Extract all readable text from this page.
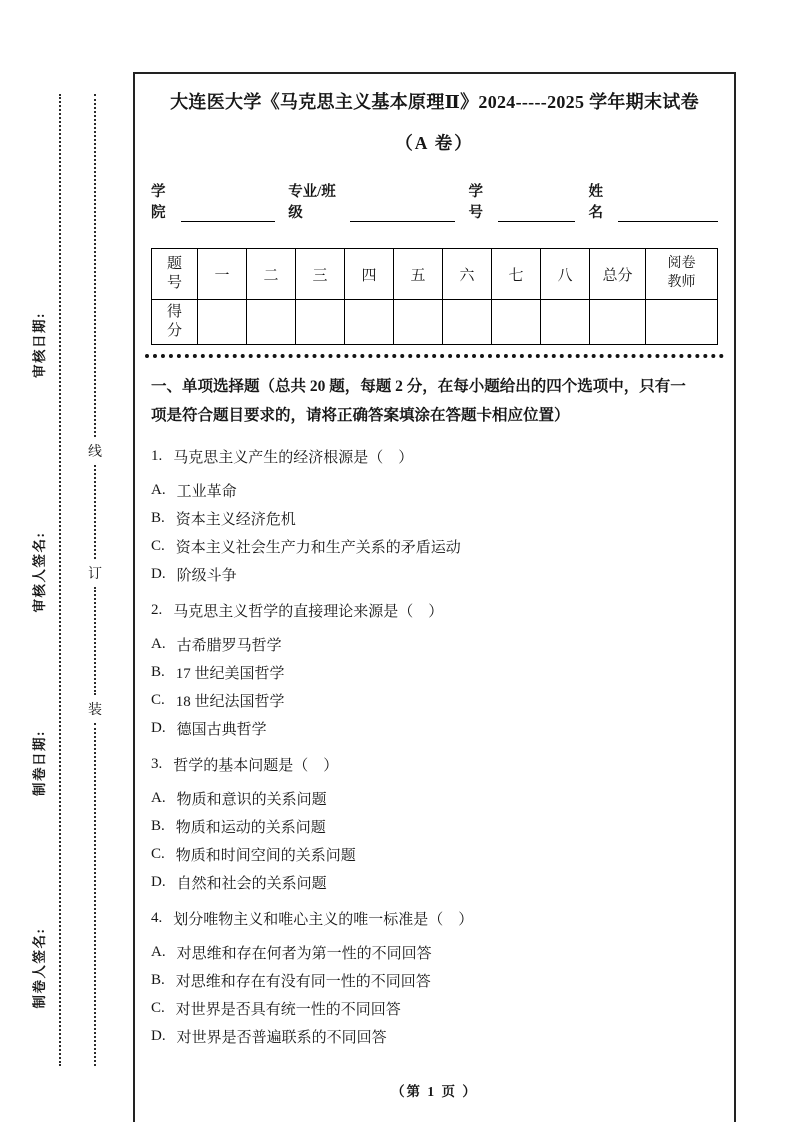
审核日期:
审核人签名:
制卷日期:
制卷人签名:
线
订
装
大连医大学《马克思主义基本原理Ⅱ》2024-----2025 学年期末试卷
（A 卷）
学院
专业/班级
学号
姓名
题号	一	二	三	四	五	六	七	八	总分	阅卷教师
得分										
一、单项选择题（总共 20 题，每题 2 分，在每小题给出的四个选项中，只有一项是符合题目要求的，请将正确答案填涂在答题卡相应位置）
1. 马克思主义产生的经济根源是（　）
A. 工业革命
B. 资本主义经济危机
C. 资本主义社会生产力和生产关系的矛盾运动
D. 阶级斗争
2. 马克思主义哲学的直接理论来源是（　）
A. 古希腊罗马哲学
B. 17 世纪美国哲学
C. 18 世纪法国哲学
D. 德国古典哲学
3. 哲学的基本问题是（　）
A. 物质和意识的关系问题
B. 物质和运动的关系问题
C. 物质和时间空间的关系问题
D. 自然和社会的关系问题
4. 划分唯物主义和唯心主义的唯一标准是（　）
A. 对思维和存在何者为第一性的不同回答
B. 对思维和存在有没有同一性的不同回答
C. 对世界是否具有统一性的不同回答
D. 对世界是否普遍联系的不同回答
（第 1 页 ）
